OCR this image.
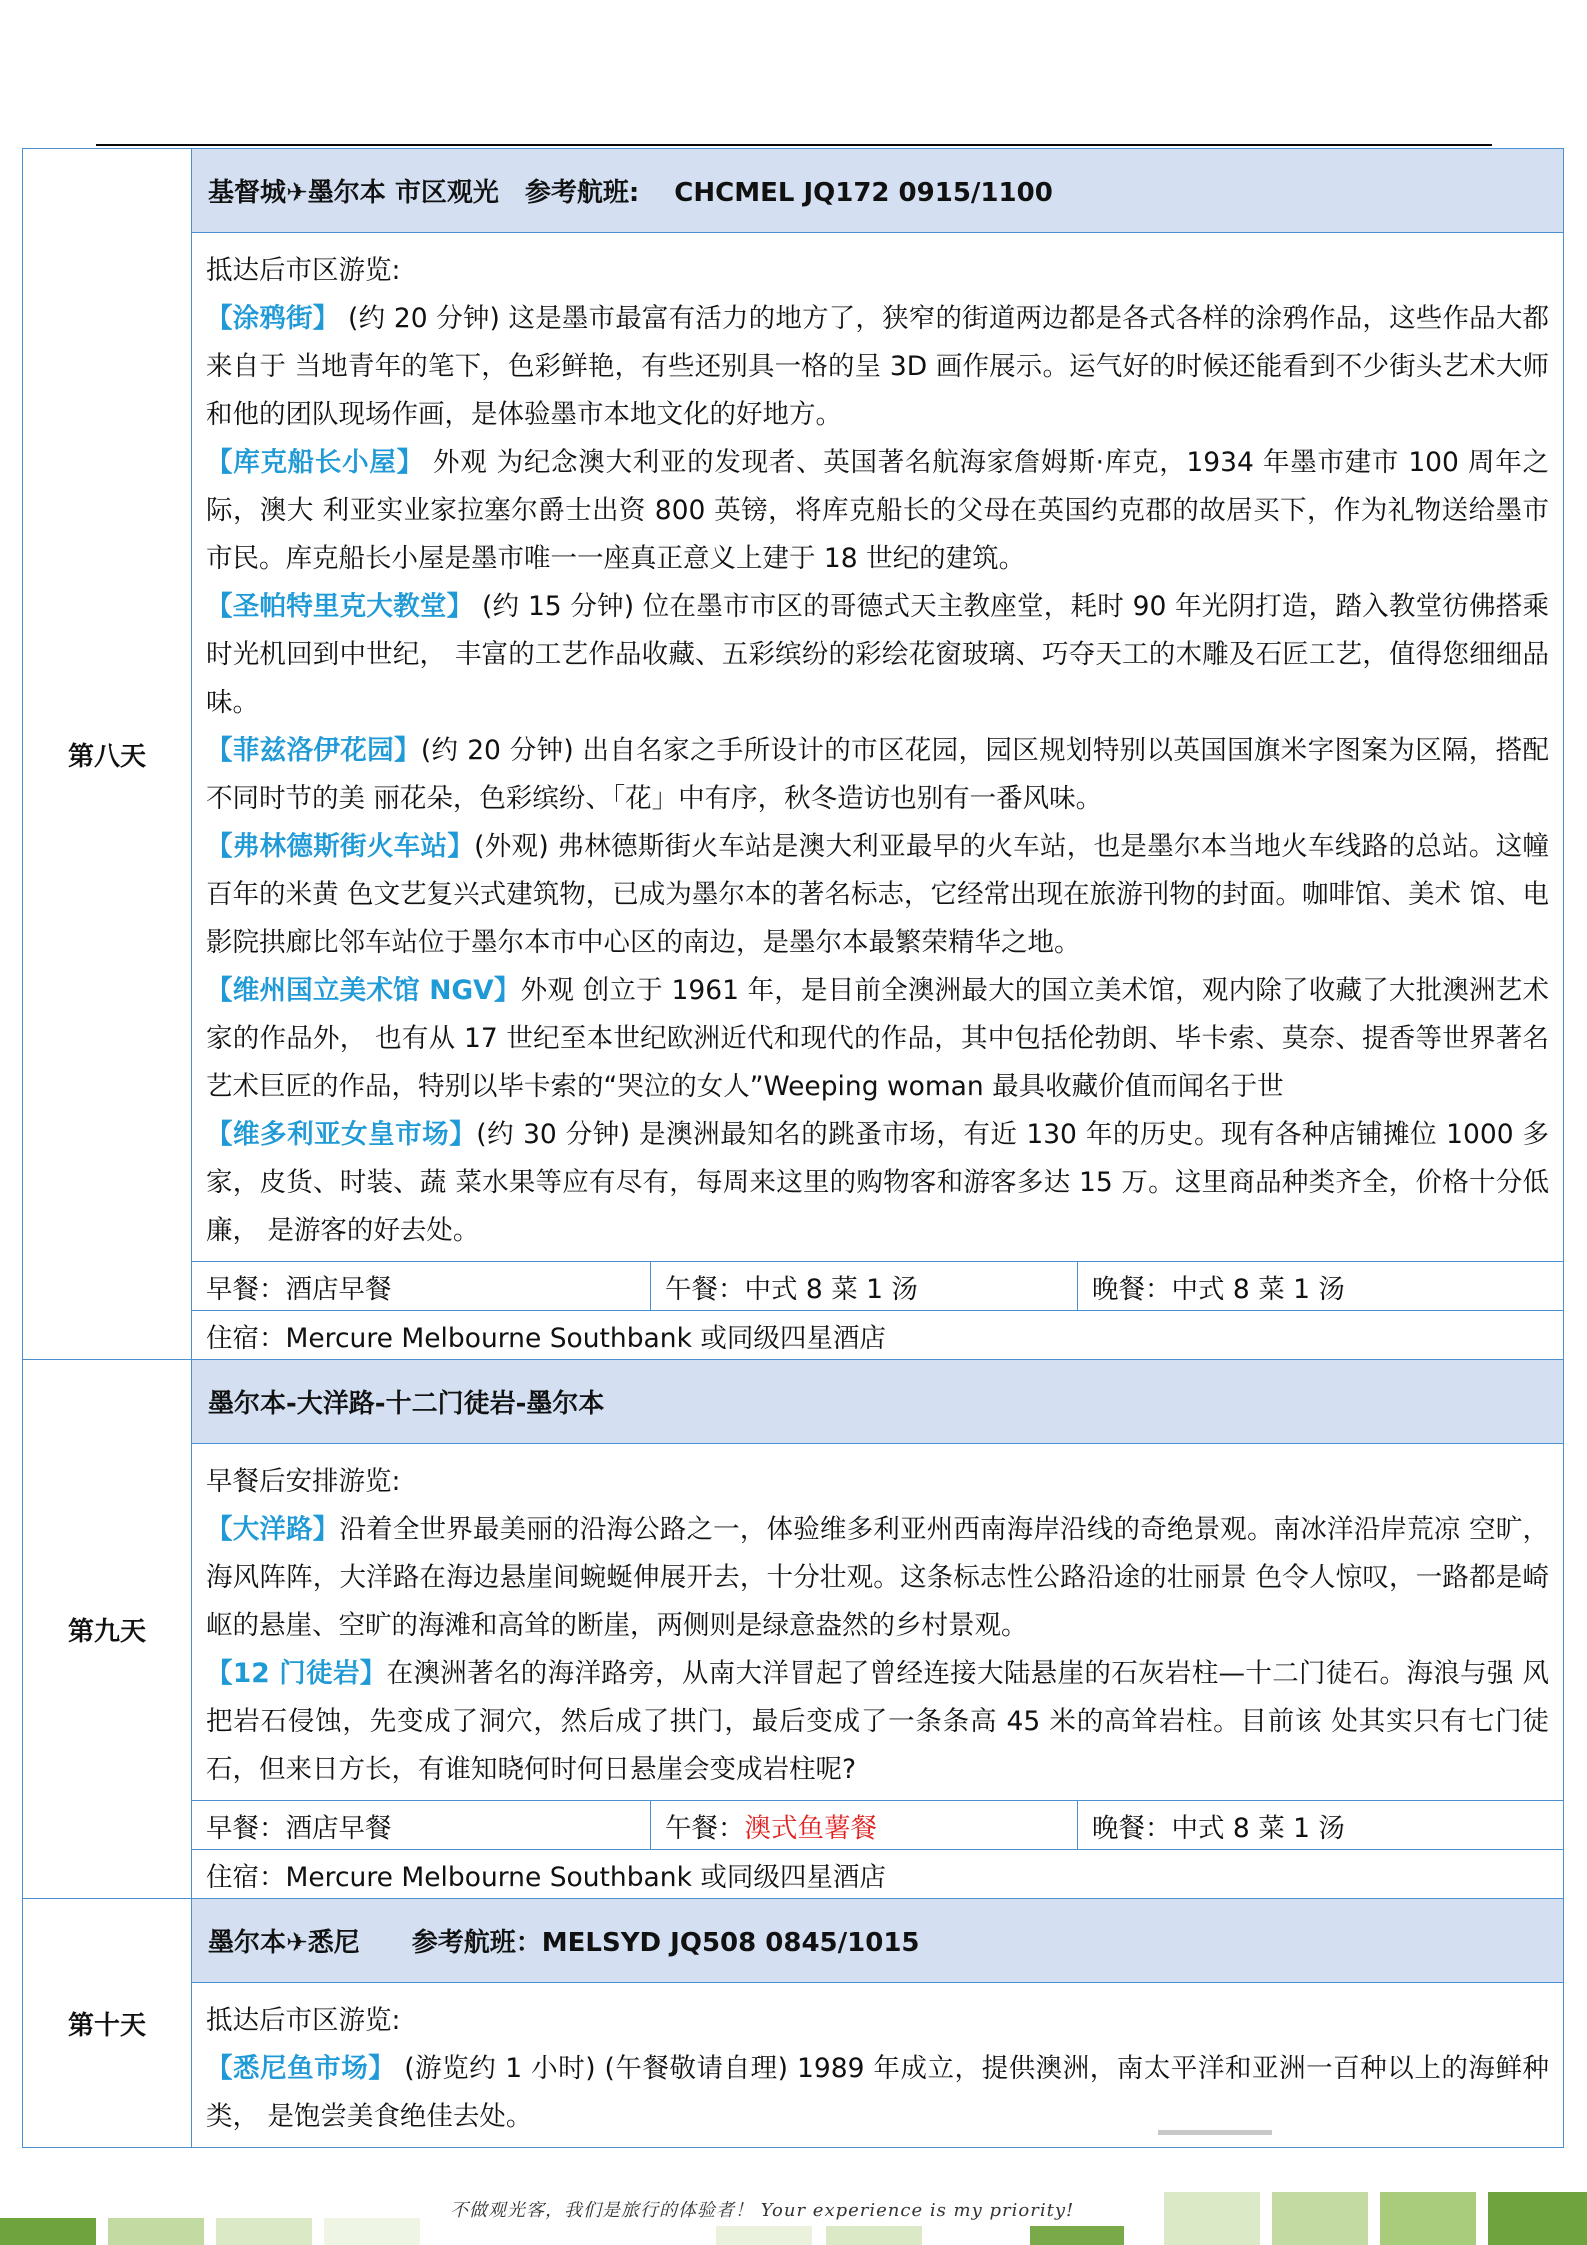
第八天
基督城✈墨尔本 市区观光　参考航班:　 CHCMEL JQ172 0915/1100

抵达后市区游览:

【涂鸦街】 (约 20 分钟) 这是墨市最富有活力的地方了，狭窄的街道两边都是各式各样的涂鸦作品，这些作品大都来自于 当地青年的笔下，色彩鲜艳，有些还别具一格的呈 3D 画作展示。运气好的时候还能看到不少街头艺术大师和他的团队现场作画，是体验墨市本地文化的好地方。

【库克船长小屋】 外观 为纪念澳大利亚的发现者、英国著名航海家詹姆斯·库克，1934 年墨市建市 100 周年之际，澳大 利亚实业家拉塞尔爵士出资 800 英镑，将库克船长的父母在英国约克郡的故居买下，作为礼物送给墨市市民。库克船长小屋是墨市唯一一座真正意义上建于 18 世纪的建筑。

【圣帕特里克大教堂】 (约 15 分钟) 位在墨市市区的哥德式天主教座堂，耗时 90 年光阴打造，踏入教堂彷佛搭乘时光机回到中世纪， 丰富的工艺作品收藏、五彩缤纷的彩绘花窗玻璃、巧夺天工的木雕及石匠工艺，值得您细细品味。

【菲兹洛伊花园】(约 20 分钟) 出自名家之手所设计的市区花园，园区规划特别以英国国旗米字图案为区隔，搭配不同时节的美 丽花朵，色彩缤纷、「花」中有序，秋冬造访也别有一番风味。

【弗林德斯街火车站】(外观) 弗林德斯街火车站是澳大利亚最早的火车站，也是墨尔本当地火车线路的总站。这幢百年的米黄 色文艺复兴式建筑物，已成为墨尔本的著名标志，它经常出现在旅游刊物的封面。咖啡馆、美术 馆、电影院拱廊比邻车站位于墨尔本市中心区的南边，是墨尔本最繁荣精华之地。

【维州国立美术馆 NGV】外观 创立于 1961 年，是目前全澳洲最大的国立美术馆，观内除了收藏了大批澳洲艺术家的作品外， 也有从 17 世纪至本世纪欧洲近代和现代的作品，其中包括伦勃朗、毕卡索、莫奈、提香等世界著名艺术巨匠的作品，特别以毕卡索的“哭泣的女人”Weeping woman 最具收藏价值而闻名于世

【维多利亚女皇市场】(约 30 分钟) 是澳洲最知名的跳蚤市场，有近 130 年的历史。现有各种店铺摊位 1000 多家，皮货、时装、蔬 菜水果等应有尽有，每周来这里的购物客和游客多达 15 万。这里商品种类齐全，价格十分低廉， 是游客的好去处。

早餐：酒店早餐	午餐： 中式 8 菜 1 汤	晚餐：中式 8 菜 1 汤
住宿：Mercure Melbourne Southbank 或同级四星酒店
第九天
墨尔本-大洋路-十二门徒岩-墨尔本

早餐后安排游览:

【大洋路】沿着全世界最美丽的沿海公路之一，体验维多利亚州西南海岸沿线的奇绝景观。南冰洋沿岸荒凉 空旷，海风阵阵，大洋路在海边悬崖间蜿蜒伸展开去，十分壮观。这条标志性公路沿途的壮丽景 色令人惊叹，一路都是崎岖的悬崖、空旷的海滩和高耸的断崖，两侧则是绿意盎然的乡村景观。

【12 门徒岩】在澳洲著名的海洋路旁，从南大洋冒起了曾经连接大陆悬崖的石灰岩柱—十二门徒石。海浪与强 风把岩石侵蚀，先变成了洞穴，然后成了拱门，最后变成了一条条高 45 米的高耸岩柱。目前该 处其实只有七门徒石，但来日方长，有谁知晓何时何日悬崖会变成岩柱呢?

早餐：酒店早餐	午餐： 澳式鱼薯餐	晚餐：中式 8 菜 1 汤
住宿：Mercure Melbourne Southbank 或同级四星酒店
第十天
墨尔本✈悉尼　　参考航班：MELSYD JQ508 0845/1015

抵达后市区游览:

【悉尼鱼市场】 (游览约 1 小时) (午餐敬请自理) 1989 年成立，提供澳洲，南太平洋和亚洲一百种以上的海鲜种类， 是饱尝美食绝佳去处。

不做观光客，我们是旅行的体验者！ Your experience is my priority!
